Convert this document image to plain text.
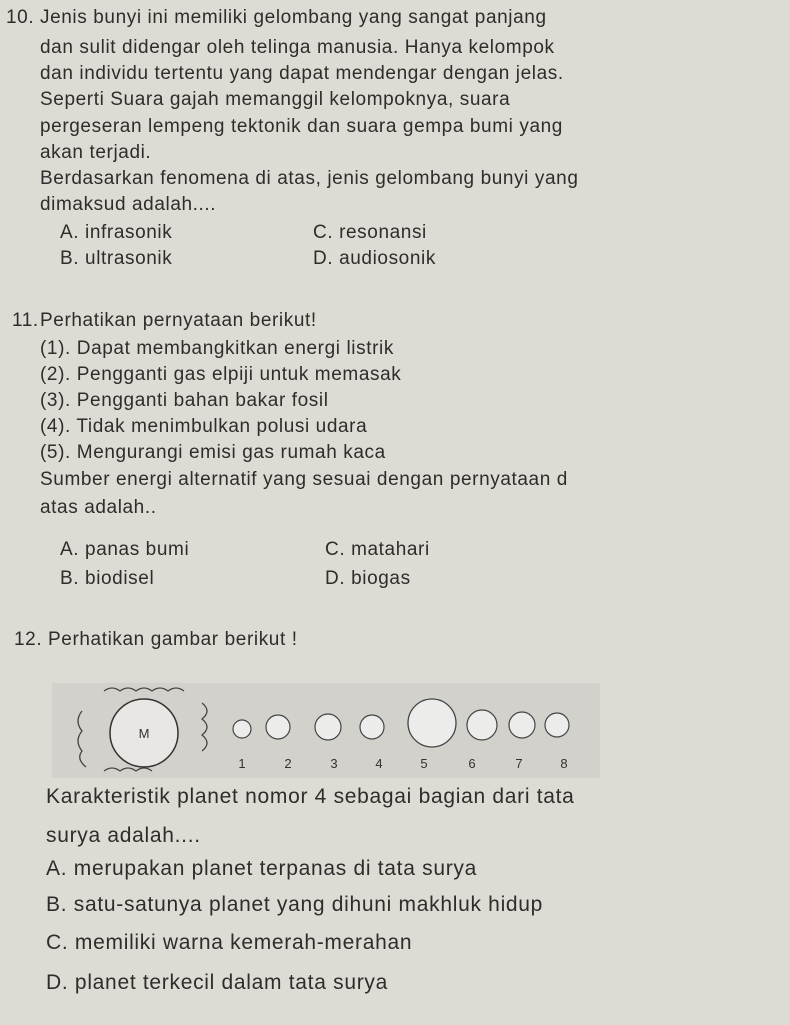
10. Jenis bunyi ini memiliki gelombang yang sangat panjang
dan sulit didengar oleh telinga manusia. Hanya kelompok
dan individu tertentu yang dapat mendengar dengan jelas.
Seperti Suara gajah memanggil kelompoknya, suara
pergeseran lempeng tektonik dan suara gempa bumi yang
akan terjadi.
Berdasarkan fenomena di atas, jenis gelombang bunyi yang
dimaksud adalah....
A. infrasonik	C. resonansi
B. ultrasonik	D. audiosonik
11. Perhatikan pernyataan berikut!
(1). Dapat membangkitkan energi listrik
(2). Pengganti gas elpiji untuk memasak
(3). Pengganti bahan bakar fosil
(4). Tidak menimbulkan polusi udara
(5). Mengurangi emisi gas rumah kaca
Sumber energi alternatif yang sesuai dengan pernyataan d
atas adalah..
A. panas bumi	C. matahari
B. biodisel	D. biogas
12. Perhatikan gambar berikut !
M
1	2	3	4	5	6	7	8
Karakteristik planet nomor 4 sebagai bagian dari tata
surya adalah....
A. merupakan planet terpanas di tata surya
B. satu-satunya planet yang dihuni makhluk hidup
C. memiliki warna kemerah-merahan
D. planet terkecil dalam tata surya
